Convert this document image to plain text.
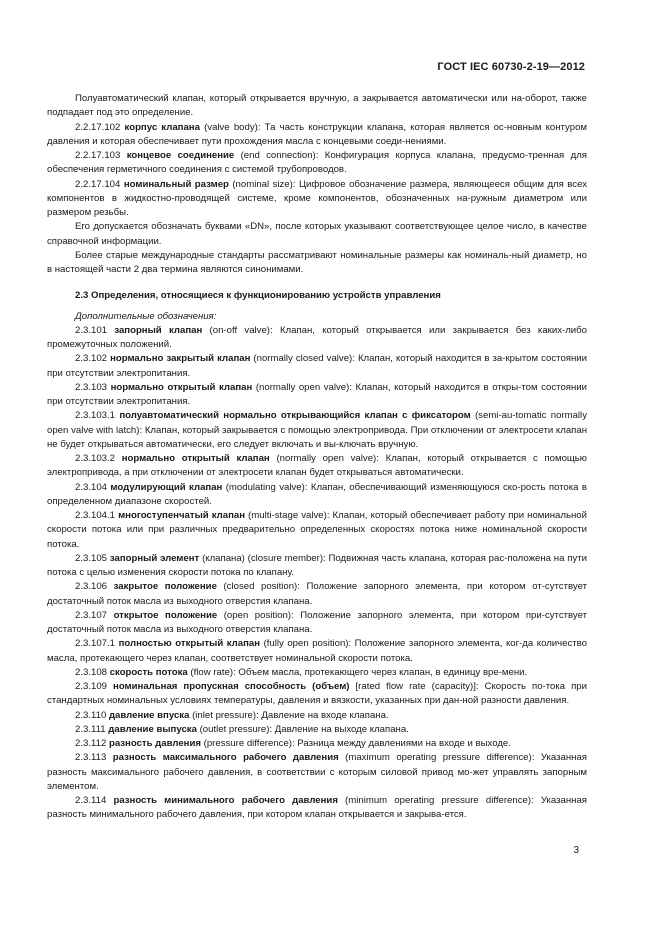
ГОСТ IEC 60730-2-19—2012

Полуавтоматический клапан, который открывается вручную, а закрывается автоматически или на-оборот, также подпадает под это определение.

2.2.17.102 корпус клапана (valve body): Та часть конструкции клапана, которая является ос-новным контуром давления и которая обеспечивает пути прохождения масла с концевыми соеди-нениями.

2.2.17.103 концевое соединение (end connection): Конфигурация корпуса клапана, предусмо-тренная для обеспечения герметичного соединения с системой трубопроводов.

2.2.17.104 номинальный размер (nominal size): Цифровое обозначение размера, являющееся общим для всех компонентов в жидкостно-проводящей системе, кроме компонентов, обозначенных на-ружным диаметром или размером резьбы.

Его допускается обозначать буквами «DN», после которых указывают соответствующее целое число, в качестве справочной информации.

Более старые международные стандарты рассматривают номинальные размеры как номиналь-ный диаметр, но в настоящей части 2 два термина являются синонимами.

2.3 Определения, относящиеся к функционированию устройств управления

Дополнительные обозначения:

2.3.101 запорный клапан (on-off valve): Клапан, который открывается или закрывается без каких-либо промежуточных положений.

2.3.102 нормально закрытый клапан (normally closed valve): Клапан, который находится в за-крытом состоянии при отсутствии электропитания.

2.3.103 нормально открытый клапан (normally open valve): Клапан, который находится в откры-том состоянии при отсутствии электропитания.

2.3.103.1 полуавтоматический нормально открывающийся клапан с фиксатором (semi-au-tomatic normally open valve with latch): Клапан, который закрывается с помощью электропривода. При отключении от электросети клапан не будет открываться автоматически, его следует включать и вы-ключать вручную.

2.3.103.2 нормально открытый клапан (normally open valve): Клапан, который открывается с помощью электропривода, а при отключении от электросети клапан будет открываться автоматически.

2.3.104 модулирующий клапан (modulating valve): Клапан, обеспечивающий изменяющуюся ско-рость потока в определенном диапазоне скоростей.

2.3.104.1 многоступенчатый клапан (multi-stage valve): Клапан, который обеспечивает работу при номинальной скорости потока или при различных предварительно определенных скоростях потока ниже номинальной скорости потока.

2.3.105 запорный элемент (клапана) (closure member): Подвижная часть клапана, которая рас-положена на пути потока с целью изменения скорости потока по клапану.

2.3.106 закрытое положение (closed position): Положение запорного элемента, при котором от-сутствует достаточный поток масла из выходного отверстия клапана.

2.3.107 открытое положение (open position): Положение запорного элемента, при котором при-сутствует достаточный поток масла из выходного отверстия клапана.

2.3.107.1 полностью открытый клапан (fully open position): Положение запорного элемента, ког-да количество масла, протекающего через клапан, соответствует номинальной скорости потока.

2.3.108 скорость потока (flow rate): Объем масла, протекающего через клапан, в единицу вре-мени.

2.3.109 номинальная пропускная способность (объем) [rated flow rate (capacity)]: Скорость по-тока при стандартных номинальных условиях температуры, давления и вязкости, указанных при дан-ной разности давления.

2.3.110 давление впуска (inlet pressure): Давление на входе клапана.

2.3.111 давление выпуска (outlet pressure): Давление на выходе клапана.

2.3.112 разность давления (pressure difference): Разница между давлениями на входе и выходе.

2.3.113 разность максимального рабочего давления (maximum operating pressure difference): Указанная разность максимального рабочего давления, в соответствии с которым силовой привод мо-жет управлять запорным элементом.

2.3.114 разность минимального рабочего давления (minimum operating pressure difference): Указанная разность минимального рабочего давления, при котором клапан открывается и закрыва-ется.

3
